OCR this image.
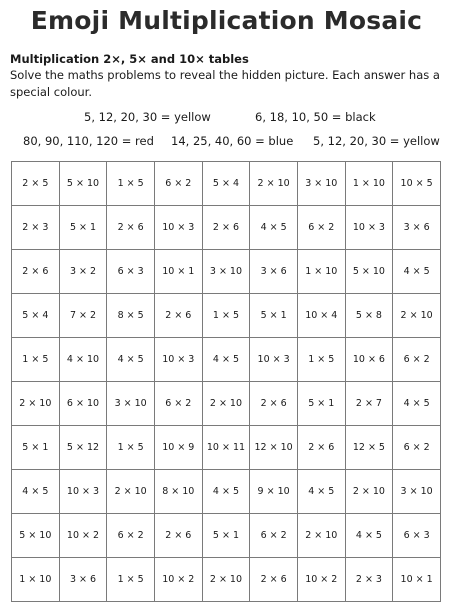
Emoji Multiplication Mosaic
Multiplication 2×, 5× and 10× tables
Solve the maths problems to reveal the hidden picture. Each answer has a special colour.
5, 12, 20, 30 = yellow	6, 18, 10, 50 = black
80, 90, 110, 120 = red 14, 25, 40, 60 = blue 5, 12, 20, 30 = yellow
2 × 5	5 × 10	1 × 5	6 × 2	5 × 4	2 × 10	3 × 10	1 × 10	10 × 5
2 × 3	5 × 1	2 × 6	10 × 3	2 × 6	4 × 5	6 × 2	10 × 3	3 × 6
2 × 6	3 × 2	6 × 3	10 × 1	3 × 10	3 × 6	1 × 10	5 × 10	4 × 5
5 × 4	7 × 2	8 × 5	2 × 6	1 × 5	5 × 1	10 × 4	5 × 8	2 × 10
1 × 5	4 × 10	4 × 5	10 × 3	4 × 5	10 × 3	1 × 5	10 × 6	6 × 2
2 × 10	6 × 10	3 × 10	6 × 2	2 × 10	2 × 6	5 × 1	2 × 7	4 × 5
5 × 1	5 × 12	1 × 5	10 × 9	10 × 11	12 × 10	2 × 6	12 × 5	6 × 2
4 × 5	10 × 3	2 × 10	8 × 10	4 × 5	9 × 10	4 × 5	2 × 10	3 × 10
5 × 10	10 × 2	6 × 2	2 × 6	5 × 1	6 × 2	2 × 10	4 × 5	6 × 3
1 × 10	3 × 6	1 × 5	10 × 2	2 × 10	2 × 6	10 × 2	2 × 3	10 × 1
